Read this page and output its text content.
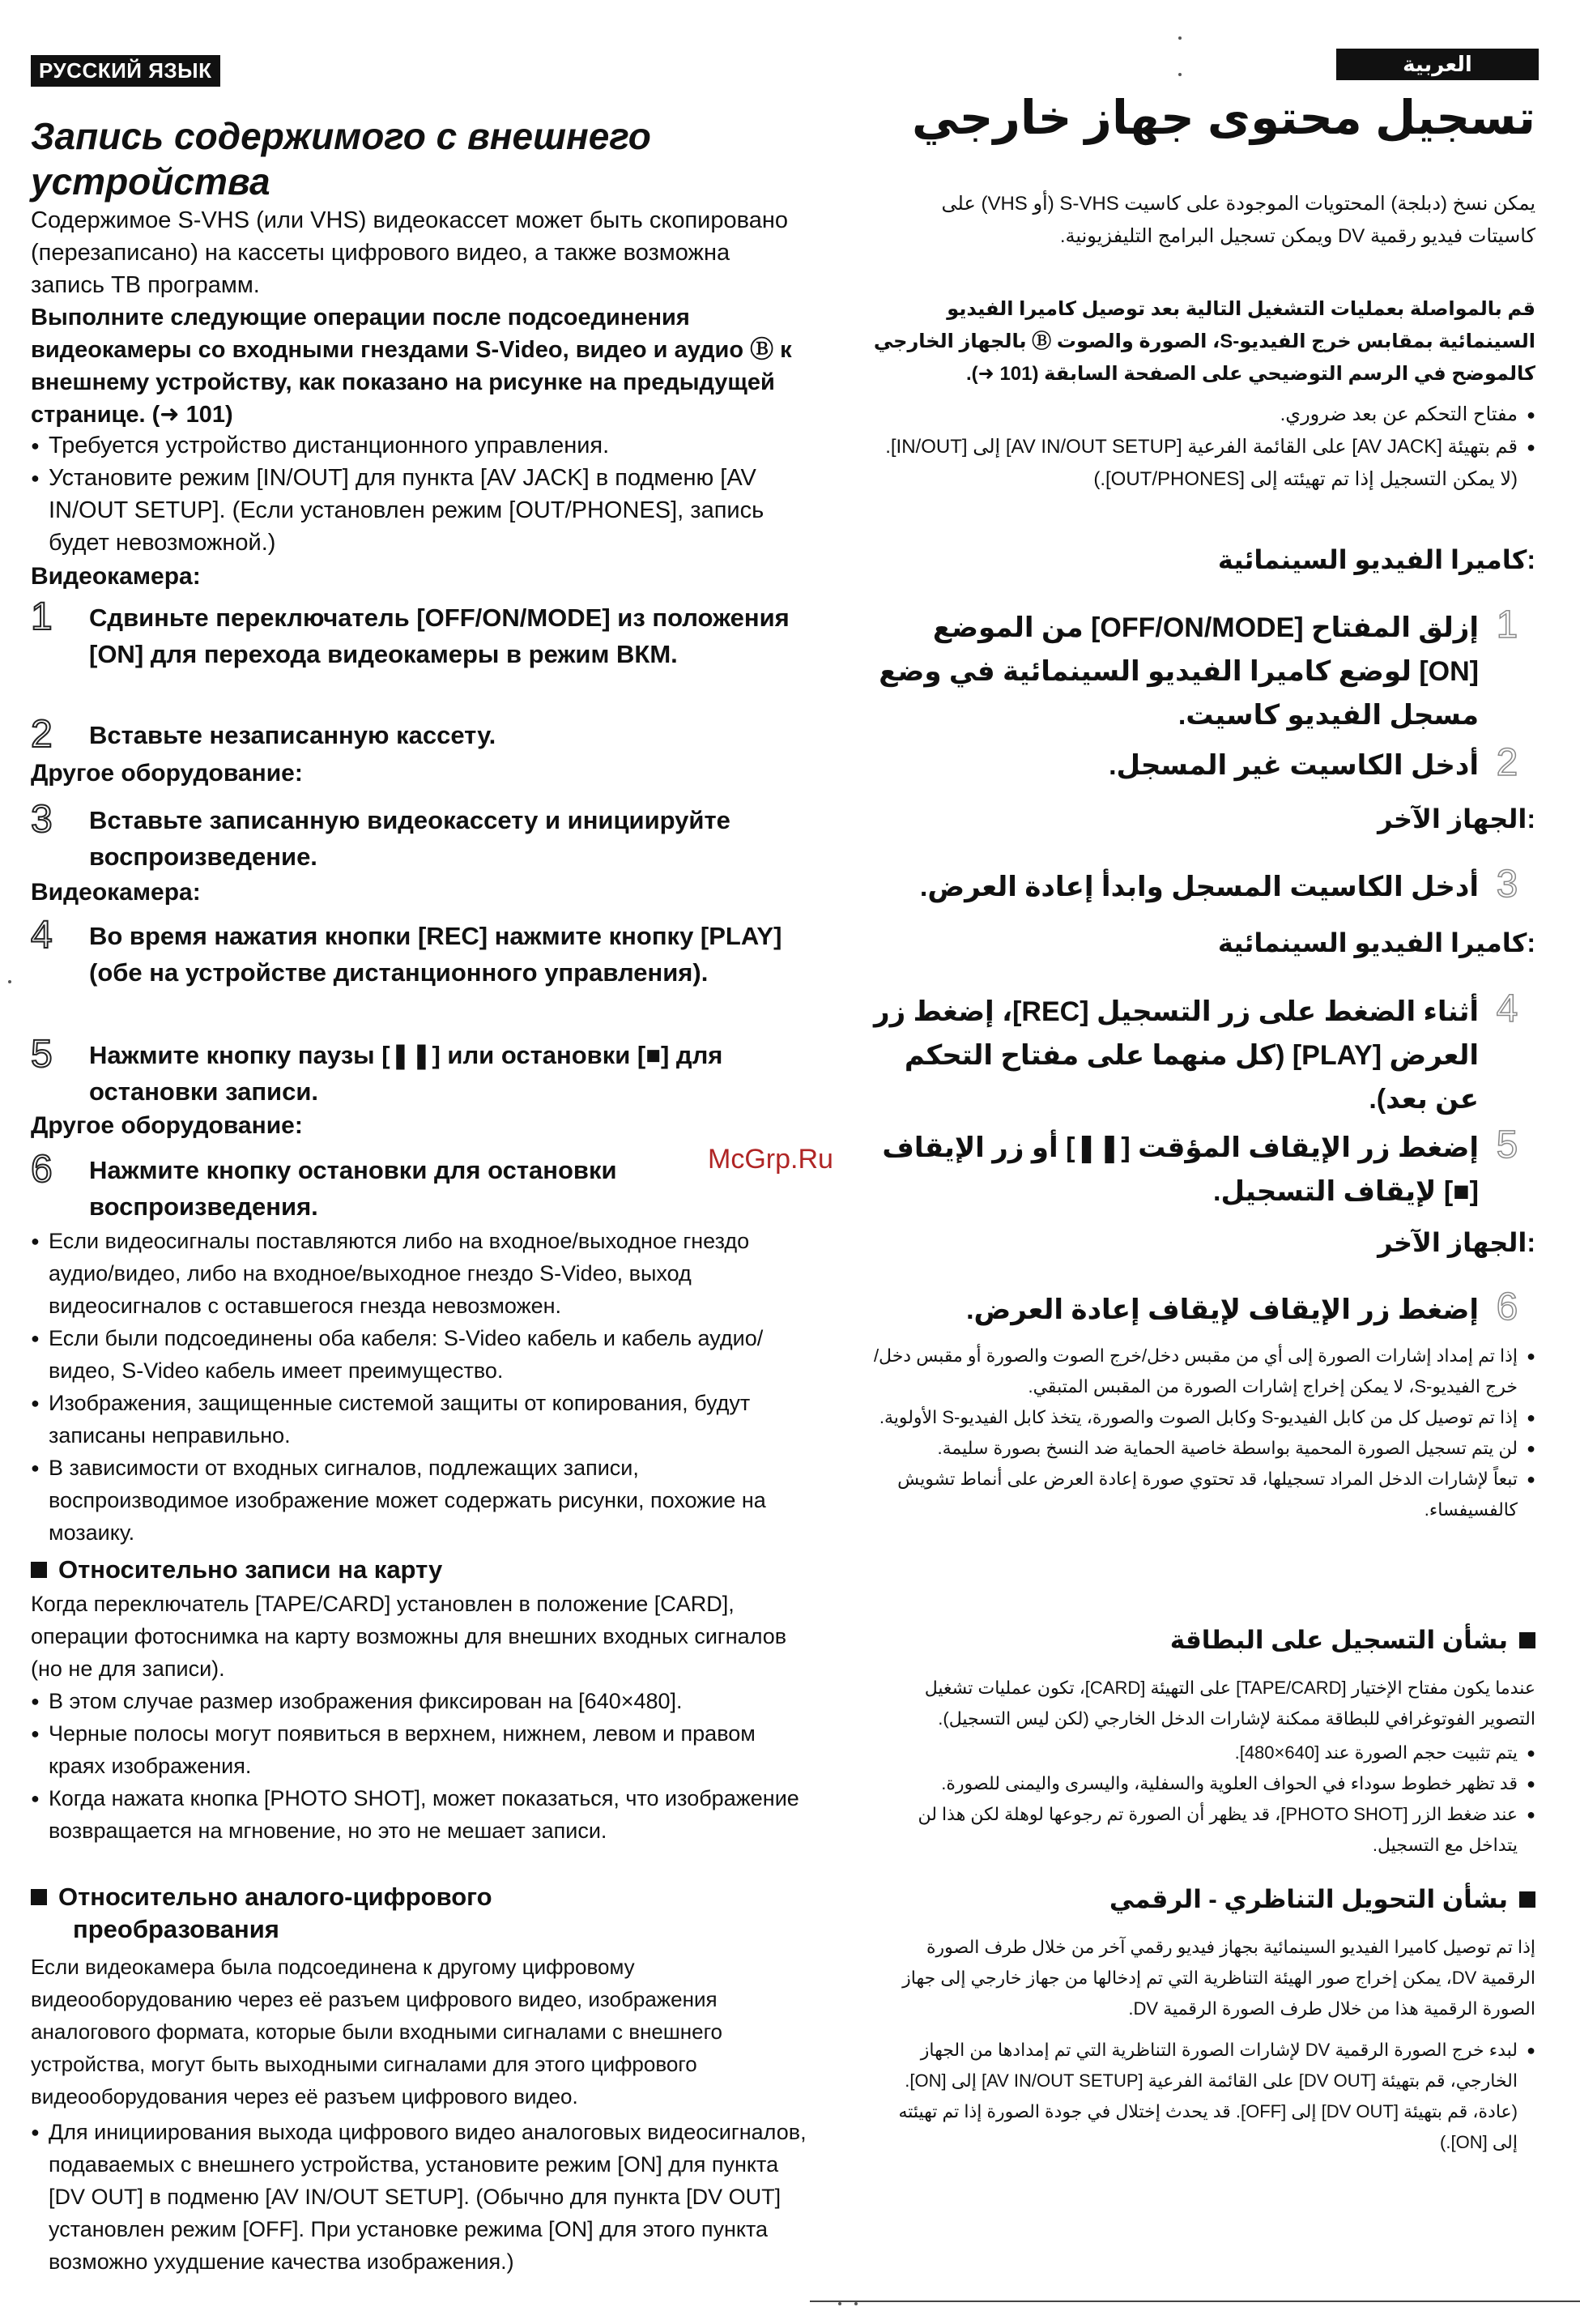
РУССКИЙ ЯЗЫК
Запись содержимого с внешнего устройства
Содержимое S-VHS (или VHS) видеокассет может быть скопировано (перезаписано) на кассеты цифрового видео, а также возможна запись ТВ программ.
Выполните следующие операции после подсоединения видеокамеры со входными гнездами S-Video, видео и аудио Ⓑ к внешнему устройству, как показано на рисунке на предыдущей странице. (➜ 101)
● Требуется устройство дистанционного управления.
● Установите режим [IN/OUT] для пункта [AV JACK] в подменю [AV IN/OUT SETUP]. (Если установлен режим [OUT/PHONES], запись будет невозможной.)
Видеокамера:
1	Сдвиньте переключатель [OFF/ON/MODE] из положения [ON] для перехода видеокамеры в режим ВКМ.
2	Вставьте незаписанную кассету.
Другое оборудование:
3	Вставьте записанную видеокассету и инициируйте воспроизведение.
Видеокамера:
4	Во время нажатия кнопки [REC] нажмите кнопку [PLAY] (обе на устройстве дистанционного управления).
5	Нажмите кнопку паузы [❚❚] или остановки [■] для остановки записи.
Другое оборудование:
6	Нажмите кнопку остановки для остановки воспроизведения.
● Если видеосигналы поставляются либо на входное/выходное гнездо аудио/видео, либо на входное/выходное гнездо S-Video, выход видеосигналов с оставшегося гнезда невозможен.
● Если были подсоединены оба кабеля: S-Video кабель и кабель аудио/видео, S-Video кабель имеет преимущество.
● Изображения, защищенные системой защиты от копирования, будут записаны неправильно.
● В зависимости от входных сигналов, подлежащих записи, воспроизводимое изображение может содержать рисунки, похожие на мозаику.
Относительно записи на карту
Когда переключатель [TAPE/CARD] установлен в положение [CARD], операции фотоснимка на карту возможны для внешних входных сигналов (но не для записи).
● В этом случае размер изображения фиксирован на [640×480].
● Черные полосы могут появиться в верхнем, нижнем, левом и правом краях изображения.
● Когда нажата кнопка [PHOTO SHOT], может показаться, что изображение возвращается на мгновение, но это не мешает записи.
Относительно аналого-цифрового
преобразования
Если видеокамера была подсоединена к другому цифровому видеооборудованию через её разъем цифрового видео, изображения аналогового формата, которые были входными сигналами с внешнего устройства, могут быть выходными сигналами для этого цифрового видеооборудования через её разъем цифрового видео.
● Для инициирования выхода цифрового видео аналоговых видеосигналов, подаваемых с внешнего устройства, установите режим [ON] для пункта [DV OUT] в подменю [AV IN/OUT SETUP]. (Обычно для пункта [DV OUT] установлен режим [OFF]. При установке режима [ON] для этого пункта возможно ухудшение качества изображения.)
العربية
تسجيل محتوى جهاز خارجي
يمكن نسخ (دبلجة) المحتويات الموجودة على كاسيت S-VHS (أو VHS) على كاسيتات فيديو رقمية DV ويمكن تسجيل البرامج التليفزيونية.
قم بالمواصلة بعمليات التشغيل التالية بعد توصيل كاميرا الفيديو السينمائية بمقابس خرج الفيديو-S، الصورة والصوت Ⓑ بالجهاز الخارجي كالموضح في الرسم التوضيحي على الصفحة السابقة (101 ➜).
● مفتاح التحكم عن بعد ضروري.
● قم بتهيئة [AV JACK] على القائمة الفرعية [AV IN/OUT SETUP] إلى [IN/OUT]. (لا يمكن التسجيل إذا تم تهيئته إلى [OUT/PHONES].)
كاميرا الفيديو السينمائية:
1
إزلق المفتاح [OFF/ON/MODE] من الموضع [ON] لوضع كاميرا الفيديو السينمائية في وضع مسجل الفيديو كاسيت.
2
أدخل الكاسيت غير المسجل.
الجهاز الآخر:
3
أدخل الكاسيت المسجل وابدأ إعادة العرض.
كاميرا الفيديو السينمائية:
4
أثناء الضغط على زر التسجيل [REC]، إضغط زر العرض [PLAY] (كل منهما على مفتاح التحكم عن بعد).
5
إضغط زر الإيقاف المؤقت [❚❚] أو زر الإيقاف [■] لإيقاف التسجيل.
الجهاز الآخر:
6
إضغط زر الإيقاف لإيقاف إعادة العرض.
● إذا تم إمداد إشارات الصورة إلى أي من مقبس دخل/خرج الصوت والصورة أو مقبس دخل/خرج الفيديو-S، لا يمكن إخراج إشارات الصورة من المقبس المتبقي.
● إذا تم توصيل كل من كابل الفيديو-S وكابل الصوت والصورة، يتخذ كابل الفيديو-S الأولوية.
● لن يتم تسجيل الصورة المحمية بواسطة خاصية الحماية ضد النسخ بصورة سليمة.
● تبعاً لإشارات الدخل المراد تسجيلها، قد تحتوي صورة إعادة العرض على أنماط تشويش كالفسيفساء.
بشأن التسجيل على البطاقة
عندما يكون مفتاح الإختيار [TAPE/CARD] على التهيئة [CARD]، تكون عمليات تشغيل التصوير الفوتوغرافي للبطاقة ممكنة لإشارات الدخل الخارجي (لكن ليس التسجيل).
● يتم تثبيت حجم الصورة عند [640×480].
● قد تظهر خطوط سوداء في الحواف العلوية والسفلية، واليسرى واليمنى للصورة.
● عند ضغط الزر [PHOTO SHOT]، قد يظهر أن الصورة تم رجوعها لوهلة لكن هذا لن يتداخل مع التسجيل.
بشأن التحويل التناظري - الرقمي
إذا تم توصيل كاميرا الفيديو السينمائية بجهاز فيديو رقمي آخر من خلال طرف الصورة الرقمية DV، يمكن إخراج صور الهيئة التناظرية التي تم إدخالها من جهاز خارجي إلى جهاز الصورة الرقمية هذا من خلال طرف الصورة الرقمية DV.
● لبدء خرج الصورة الرقمية DV لإشارات الصورة التناظرية التي تم إمدادها من الجهاز الخارجي، قم بتهيئة [DV OUT] على القائمة الفرعية [AV IN/OUT SETUP] إلى [ON]. (عادة، قم بتهيئة [DV OUT] إلى [OFF]. قد يحدث إختلال في جودة الصورة إذا تم تهيئته إلى [ON].)
McGrp.Ru
